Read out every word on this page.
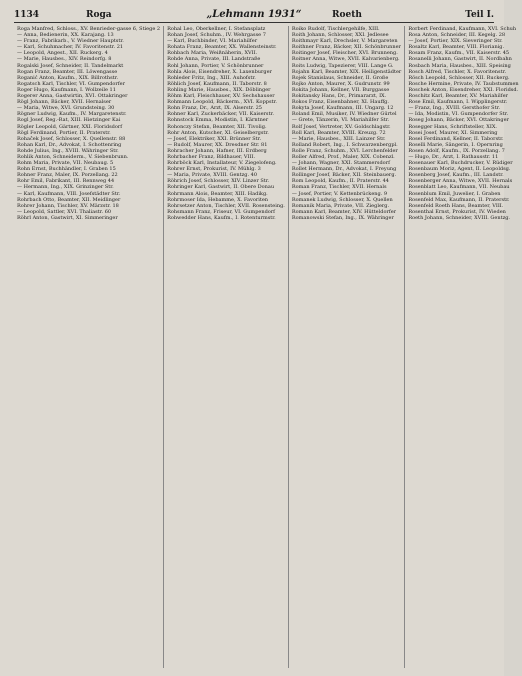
1134	Roga	„Lehmann 1931“	Roeth	Teil I.

Roga Manfred, Schloss., XV. Benrieder-gasse 6, Stiege 2

— Anna, Bedienerin, XX. Karajang. 13

— Franz, Fabrikarb., V. Wiedner Hauptstr.

— Karl, Schuhmacher, IV. Favoritenstr. 21

— Leopold, Angest., XII. Ruckerg. 4

— Marie, Hausbes., XIV. Reindorfg. 8

Rogalski Josef, Schneider, II. Tandelmarkt

Rogan Franz, Beamter, III. Löwengasse

Roganić Anton, Kaufm., XIX. Billrothstr.

Rogatsch Karl, Tischler, VI. Gumpendorfer

Roger Hugo, Kaufmann, I. Wollzeile 11

Rogerer Anna, Gastwirtin, XVI. Ottakringer

Rögl Johann, Bäcker, XVII. Hernalser

— Maria, Witwe, XVI. Grundsteing. 30

Rögner Ludwig, Kaufm., IV. Margaretenstr.

Rogl Josef, Reg.-Rat, XIII. Hietzinger Kai

Rögler Leopold, Gärtner, XXI. Floridsdorf

Rögl Ferdinand, Portier, II. Praterstr.

Rohaček Josef, Schlosser, X. Quellenstr. 88

Rohan Karl, Dr., Advokat, I. Schottenring

Rohde Julius, Ing., XVIII. Währinger Str.

Rohlik Anton, Schneiderm., V. Siebenbrunn.

Rohm Maria, Private, VII. Neubaug. 5

Rohn Ernst, Buchhändler, I. Graben 15

Rohner Franz, Maler, IX. Porzellang. 22

Rohr Emil, Fabrikant, III. Rennweg 44

— Hermann, Ing., XIX. Grinzinger Str.

— Karl, Kaufmann, VIII. Josefstädter Str.

Rohrbach Otto, Beamter, XII. Meidlinger

Rohrer Johann, Tischler, XV. Märzstr. 18

— Leopold, Sattler, XVI. Thaliastr. 60

Röhrl Anton, Gastwirt, XI. Simmeringer

Rohal Leo, Oberkellner, I. Stefansplatz

Rohan Josef, Schuhm., IV. Wehrgasse 7

— Karl, Buchbinder, VI. Mariahilfer

Rohata Franz, Beamter, XX. Wallensteinstr.

Rohbach Maria, Weißnäherin, XVII.

Rohde Anna, Private, III. Landstraße

Rohl Johann, Portier, V. Schönbrunner

Rohla Alois, Eisendreher, X. Laxenburger

Rohleder Fritz, Ing., XIII. Auhofstr.

Röhlich Josef, Kaufmann, II. Taborstr. 8

Rohling Marie, Hausbes., XIX. Döblinger

Röhm Karl, Fleischhauer, XV. Sechshauser

Rohmann Leopold, Bäckerm., XVI. Koppstr.

Rohn Franz, Dr., Arzt, IX. Alserstr. 25

Rohner Karl, Zuckerbäcker, VII. Kaiserstr.

Rohnstock Emma, Modistin, I. Kärntner

Rohonczy Stefan, Beamter, XII. Tivolig.

Rohr Anton, Kutscher, XI. Geiselbergstr.

— Josef, Elektriker, XXI. Brünner Str.

— Rudolf, Maurer, XX. Dresdner Str. 81

Rohracher Johann, Hafner, III. Erdberg

Rohrbacher Franz, Bildhauer, VIII.

Rohrböck Karl, Installateur, V. Ziegelofeng.

Rohrer Ernst, Prokurist, IV. Mühlg. 3

— Maria, Private, XVIII. Gentzg. 40

Röhrich Josef, Schlosser, XIV. Linzer Str.

Rohringer Karl, Gastwirt, II. Obere Donau

Rohrmann Alois, Beamter, XIII. Hadikg.

Rohrmoser Ida, Hebamme, X. Favoriten

Rohrsetzer Anton, Tischler, XVII. Rosensteing.

Rohsmann Franz, Friseur, VI. Gumpendorf

Rohwedder Hans, Kaufm., I. Rotenturmstr.

Roiko Rudolf, Tischlergehilfe, XIII.

Roith Johann, Schlosser, XXI. Jedlesee

Roithmayr Karl, Drechsler, V. Margareten

Roithner Franz, Bäcker, XII. Schönbrunner

Roitinger Josef, Fleischer, XVI. Brunneng.

Roitner Anna, Witwe, XVII. Kalvarienberg.

Roits Ludwig, Tapezierer, VIII. Lange G.

Rojahn Karl, Beamter, XIX. Heiligenstädter

Rojek Stanislaus, Schneider, II. Große

Rojko Anton, Maurer, X. Gudrunstr. 99

Rokita Johann, Kellner, VII. Burggasse

Rokitansky Hans, Dr., Primararzt, IX.

Rokos Franz, Eisenbahner, XI. Hauffg.

Rokyta Josef, Kaufmann, III. Ungarg. 12

Roland Emil, Musiker, IV. Wiedner Gürtel

— Grete, Tänzerin, VI. Mariahilfer Str.

Rolf Josef, Vertreter, XV. Goldschlagstr.

Roll Karl, Beamter, XVIII. Kreuzg. 72

— Marie, Hausbes., XIII. Lainzer Str.

Rolland Robert, Ing., I. Schwarzenbergpl.

Rolle Franz, Schuhm., XVI. Lerchenfelder

Roller Alfred, Prof., Maler, XIX. Cobenzl.

— Johann, Wagner, XXI. Stammersdorf

Rollet Hermann, Dr., Advokat, I. Freyung

Rollinger Josef, Bäcker, XII. Steinbauerg.

Rom Leopold, Kaufm., II. Praterstr. 44

Roman Franz, Tischler, XVII. Hernals

— Josef, Portier, V. Kettenbrückeng. 9

Romanek Ludwig, Schlosser, X. Quellen

Romanik Maria, Private, VII. Zieglerg.

Romann Karl, Beamter, XIV. Hütteldorfer

Romanowski Stefan, Ing., IX. Währinger

Rorbert Ferdinand, Kaufmann, XVI. Schuh

Rosa Anton, Schneider, III. Kegelg. 28

— Josef, Portier, XIX. Sieveringer Str.

Rosaltz Karl, Beamter, VIII. Florianig.

Rosam Franz, Kaufm., VII. Kaiserstr. 45

Rosanelli Johann, Gastwirt, II. Nordbahn

Rosbach Maria, Hausbes., XIII. Speising

Rosch Alfred, Tischler, X. Favoritenstr.

Rösch Leopold, Schlosser, XII. Ruckerg.

Rosche Hermine, Private, IV. Taubstummen

Roschek Anton, Eisendreher, XXI. Floridsd.

Roschitz Karl, Beamter, XV. Mariahilfer

Rose Emil, Kaufmann, I. Wipplingerstr.

— Franz, Ing., XVIII. Gersthofer Str.

— Ida, Modistin, VI. Gumpendorfer Str.

Roseg Johann, Bäcker, XVI. Ottakringer

Rosegger Hans, Schriftsteller, XIX.

Rosei Josef, Maurer, XI. Simmering

Rosel Ferdinand, Kellner, II. Taborstr.

Roselli Marie, Sängerin, I. Opernring

Rosen Adolf, Kaufm., IX. Porzellang. 7

— Hugo, Dr., Arzt, I. Rathausstr. 11

Rosenauer Karl, Buchdrucker, V. Rüdiger

Rosenbaum Moriz, Agent, II. Leopoldsg.

Rosenberg Josef, Kaufm., III. Landstr.

Rosenberger Anna, Witwe, XVII. Hernals

Rosenblatt Leo, Kaufmann, VII. Neubau

Rosenblum Emil, Juwelier, I. Graben

Rosenfeld Max, Kaufmann, II. Praterstr.

Rosenfeld Roeth Hans, Beamter, VIII.

Rosenthal Ernst, Prokurist, IV. Wieden

Roeth Johann, Schneider, XVIII. Gentzg.
